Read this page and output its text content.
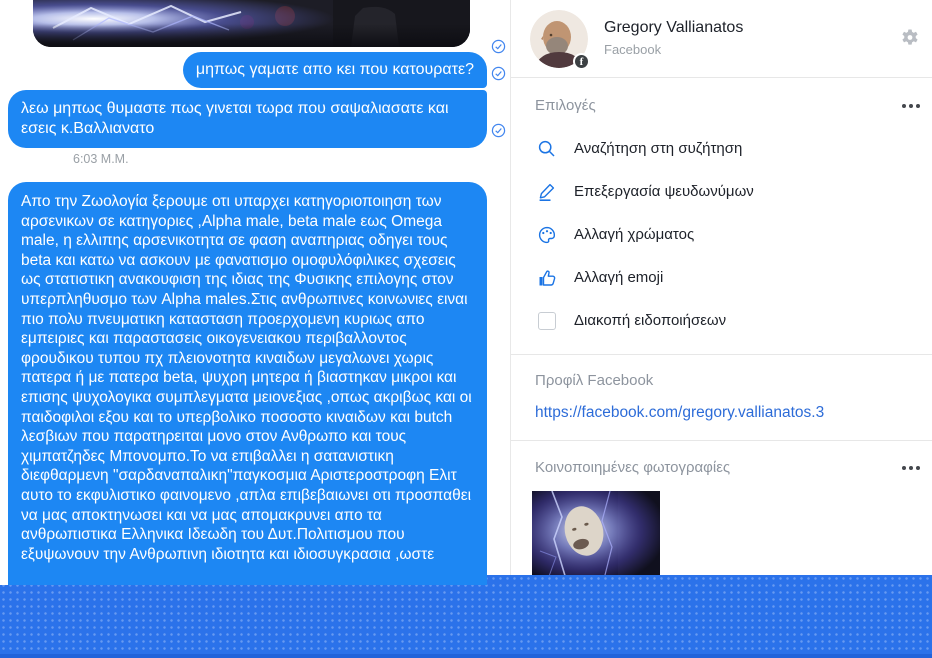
μηπως γαματε απο κει που κατουρατε?
λεω μηπως θυμαστε πως γινεται τωρα που σαψαλιασατε και εσεις κ.Βαλλιανατο
6:03 Μ.Μ.
Απο την Ζωολογία ξερουμε οτι υπαρχει κατηγοριοποιηση των αρσενικων σε κατηγοριες ,Alpha male, beta male εως Omega male, η ελλιπης αρσενικοτητα σε φαση αναπηριας οδηγει τους beta και κατω να ασκουν με φανατισμο ομοφυλόφιλικες σχεσεις ως στατιστικη ανακουφιση της ιδιας της Φυσικης επιλογης στον υπερπληθυσμο των Alpha males.Στις ανθρωπινες κοινωνιες ειναι πιο πολυ πνευματικη κατασταση προερχομενη κυριως απο εμπειριες και παραστασεις οικογενειακου περιβαλλοντος φρουδικου τυπου πχ πλειονοτητα κιναιδων μεγαλωνει χωρις πατερα ή με πατερα beta, ψυχρη μητερα ή βιαστηκαν μικροι και επισης ψυχολογικα συμπλεγματα μειονεξιας ,οπως ακριβως και οι παιδοφιλοι εξου και το υπερβολικο ποσοστο κιναιδων και butch λεσβιων που παρατηρειται μονο στον Ανθρωπο και τους χιμπατζηδες Μπονομπο.Το να επιβαλλει η σατανιστικη διεφθαρμενη "σαρδαναπαλικη"παγκοσμια Αριστεροστροφη Ελιτ αυτο το εκφυλιστικο φαινομενο ,απλα επιβεβαιωνει οτι προσπαθει να μας αποκτηνωσει και να μας απομακρυνει απο τα ανθρωπιστικα Ελληνικα Ιδεωδη του Δυτ.Πολιτισμου που εξυψωνουν την Ανθρωπινη ιδιοτητα και ιδιοσυγκρασια ,ωστε
f
Gregory Vallianatos
Facebook
Επιλογές
Αναζήτηση στη συζήτηση
Επεξεργασία ψευδωνύμων
Αλλαγή χρώματος
Αλλαγή emoji
Διακοπή ειδοποιήσεων
Προφίλ Facebook
https://facebook.com/gregory.vallianatos.3
Κοινοποιημένες φωτογραφίες
